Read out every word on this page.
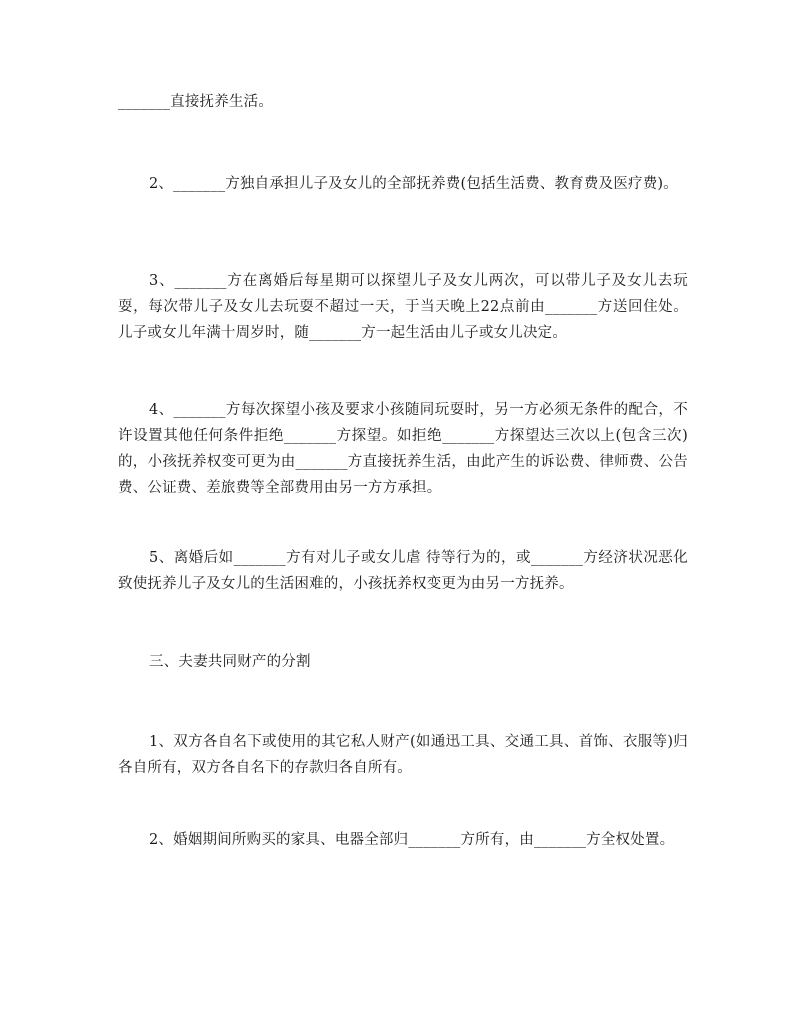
_______直接抚养生活。

2、_______方独自承担儿子及女儿的全部抚养费(包括生活费、教育费及医疗费)。

3、_______方在离婚后每星期可以探望儿子及女儿两次，可以带儿子及女儿去玩耍，每次带儿子及女儿去玩耍不超过一天，于当天晚上22点前由_______方送回住处。儿子或女儿年满十周岁时，随_______方一起生活由儿子或女儿决定。

4、_______方每次探望小孩及要求小孩随同玩耍时，另一方必须无条件的配合，不许设置其他任何条件拒绝_______方探望。如拒绝_______方探望达三次以上(包含三次)的，小孩抚养权变可更为由_______方直接抚养生活，由此产生的诉讼费、律师费、公告费、公证费、差旅费等全部费用由另一方方承担。

5、离婚后如_______方有对儿子或女儿虐 待等行为的，或_______方经济状况恶化致使抚养儿子及女儿的生活困难的，小孩抚养权变更为由另一方抚养。

三、夫妻共同财产的分割

1、双方各自名下或使用的其它私人财产(如通迅工具、交通工具、首饰、衣服等)归各自所有，双方各自名下的存款归各自所有。

2、婚姻期间所购买的家具、电器全部归_______方所有，由_______方全权处置。
